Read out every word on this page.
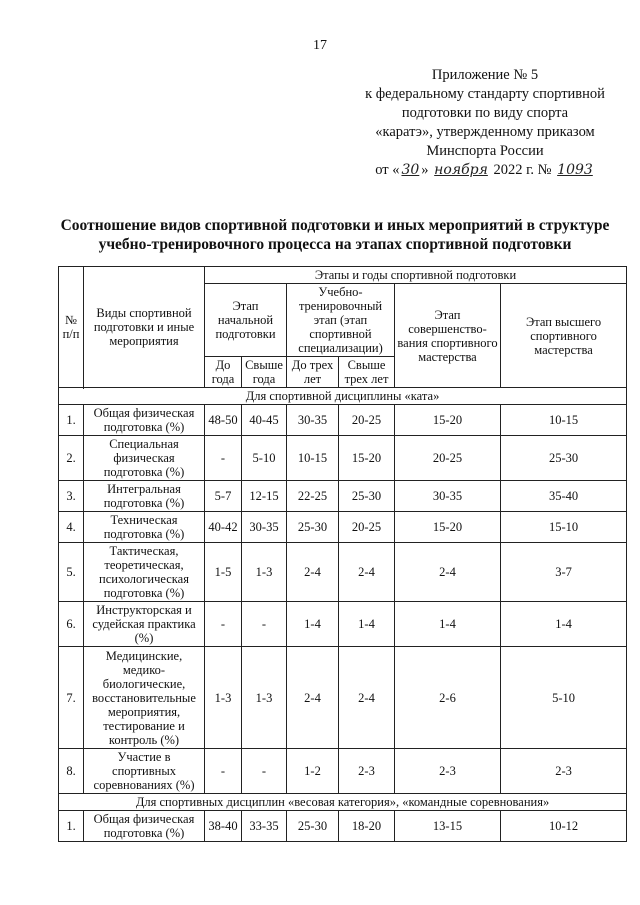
17
Приложение № 5
к федеральному стандарту спортивной
подготовки по виду спорта
«каратэ», утвержденному приказом
Минспорта России
от « 30 » ноября 2022 г. № 1093
Соотношение видов спортивной подготовки и иных мероприятий в структуре
учебно-тренировочного процесса на этапах спортивной подготовки
№ п/п	Виды спортивной подготовки и иные мероприятия	Этапы и годы спортивной подготовки					
		Этап начальной подготовки		Учебно-тренировочный этап (этап спортивной специализации)		Этап совершенство-вания спортивного мастерства	Этап высшего спортивного мастерства
		До года	Свыше года	До трех лет	Свыше трех лет		

Для спортивной дисциплины «ката»							
1.	Общая физическая подготовка (%)	48-50	40-45	30-35	20-25	15-20	10-15
2.	Специальная физическая подготовка (%)	-	5-10	10-15	15-20	20-25	25-30
3.	Интегральная подготовка (%)	5-7	12-15	22-25	25-30	30-35	35-40
4.	Техническая подготовка (%)	40-42	30-35	25-30	20-25	15-20	15-10
5.	Тактическая, теоретическая, психологическая подготовка (%)	1-5	1-3	2-4	2-4	2-4	3-7
6.	Инструкторская и судейская практика (%)	-	-	1-4	1-4	1-4	1-4
7.	Медицинские, медико-биологические, восстановительные мероприятия, тестирование и контроль (%)	1-3	1-3	2-4	2-4	2-6	5-10
8.	Участие в спортивных соревнованиях (%)	-	-	1-2	2-3	2-3	2-3
Для спортивных дисциплин «весовая категория», «командные соревнования»							
1.	Общая физическая подготовка (%)	38-40	33-35	25-30	18-20	13-15	10-12
